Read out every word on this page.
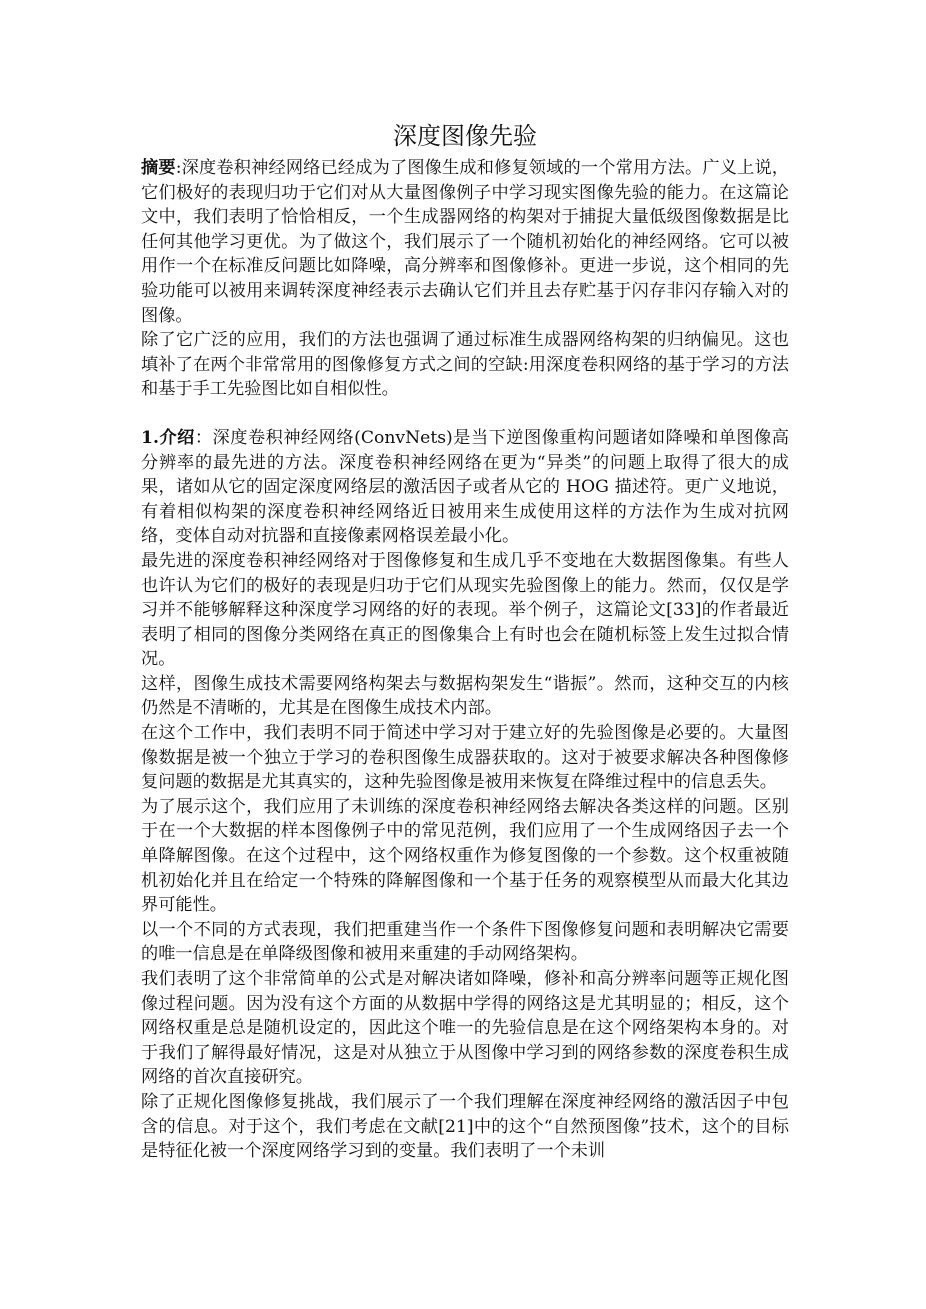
深度图像先验

摘要:深度卷积神经网络已经成为了图像生成和修复领域的一个常用方法。广义上说，它们极好的表现归功于它们对从大量图像例子中学习现实图像先验的能力。在这篇论文中，我们表明了恰恰相反，一个生成器网络的构架对于捕捉大量低级图像数据是比任何其他学习更优。为了做这个，我们展示了一个随机初始化的神经网络。它可以被用作一个在标准反问题比如降噪，高分辨率和图像修补。更进一步说，这个相同的先验功能可以被用来调转深度神经表示去确认它们并且去存贮基于闪存非闪存输入对的图像。

除了它广泛的应用，我们的方法也强调了通过标准生成器网络构架的归纳偏见。这也填补了在两个非常常用的图像修复方式之间的空缺:用深度卷积网络的基于学习的方法和基于手工先验图比如自相似性。

1.介绍：深度卷积神经网络(ConvNets)是当下逆图像重构问题诸如降噪和单图像高分辨率的最先进的方法。深度卷积神经网络在更为“异类”的问题上取得了很大的成果，诸如从它的固定深度网络层的激活因子或者从它的 HOG 描述符。更广义地说，有着相似构架的深度卷积神经网络近日被用来生成使用这样的方法作为生成对抗网络，变体自动对抗器和直接像素网格误差最小化。

最先进的深度卷积神经网络对于图像修复和生成几乎不变地在大数据图像集。有些人也许认为它们的极好的表现是归功于它们从现实先验图像上的能力。然而，仅仅是学习并不能够解释这种深度学习网络的好的表现。举个例子，这篇论文[33]的作者最近表明了相同的图像分类网络在真正的图像集合上有时也会在随机标签上发生过拟合情况。

这样，图像生成技术需要网络构架去与数据构架发生“谐振”。然而，这种交互的内核仍然是不清晰的，尤其是在图像生成技术内部。

在这个工作中，我们表明不同于简述中学习对于建立好的先验图像是必要的。大量图像数据是被一个独立于学习的卷积图像生成器获取的。这对于被要求解决各种图像修复问题的数据是尤其真实的，这种先验图像是被用来恢复在降维过程中的信息丢失。

为了展示这个，我们应用了未训练的深度卷积神经网络去解决各类这样的问题。区别于在一个大数据的样本图像例子中的常见范例，我们应用了一个生成网络因子去一个单降解图像。在这个过程中，这个网络权重作为修复图像的一个参数。这个权重被随机初始化并且在给定一个特殊的降解图像和一个基于任务的观察模型从而最大化其边界可能性。

以一个不同的方式表现，我们把重建当作一个条件下图像修复问题和表明解决它需要的唯一信息是在单降级图像和被用来重建的手动网络架构。

我们表明了这个非常简单的公式是对解决诸如降噪，修补和高分辨率问题等正规化图像过程问题。因为没有这个方面的从数据中学得的网络这是尤其明显的；相反，这个网络权重是总是随机设定的，因此这个唯一的先验信息是在这个网络架构本身的。对于我们了解得最好情况，这是对从独立于从图像中学习到的网络参数的深度卷积生成网络的首次直接研究。

除了正规化图像修复挑战，我们展示了一个我们理解在深度神经网络的激活因子中包含的信息。对于这个，我们考虑在文献[21]中的这个“自然预图像”技术，这个的目标是特征化被一个深度网络学习到的变量。我们表明了一个未训
